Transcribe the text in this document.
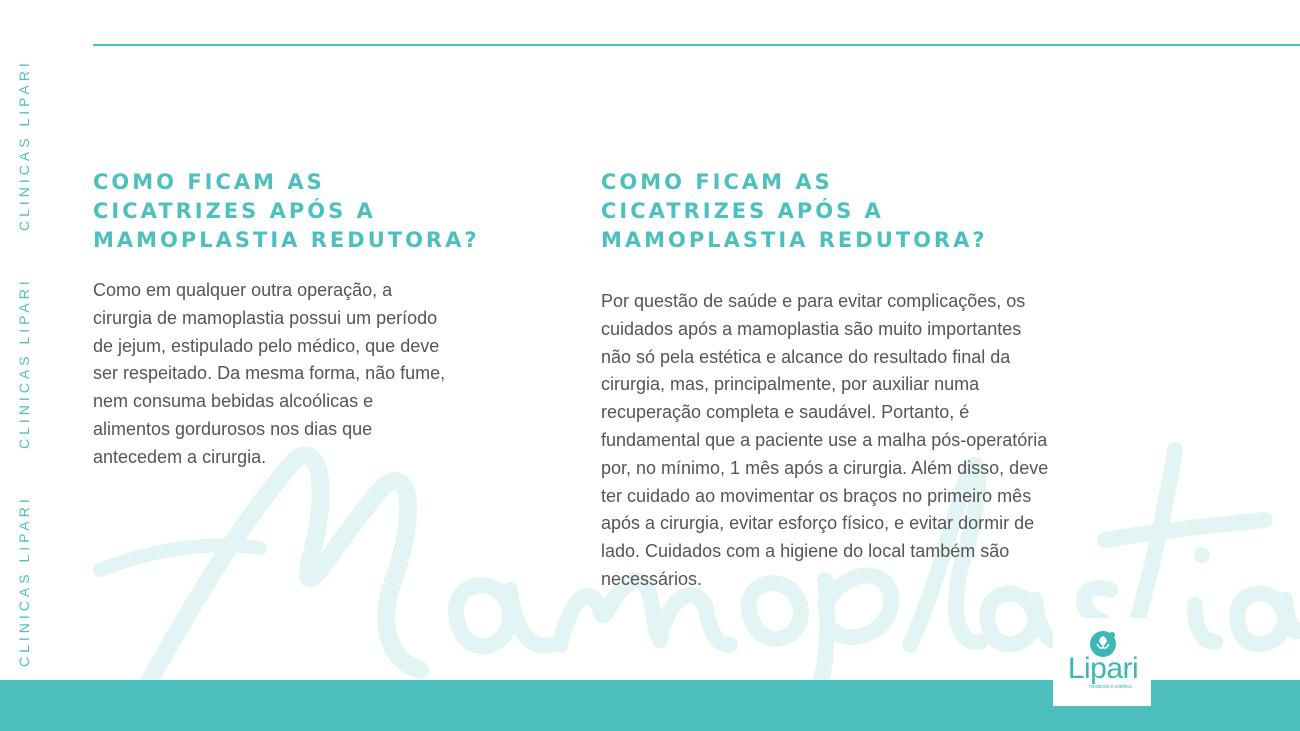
CLINICAS LIPARI
CLINICAS LIPARI
CLINICAS LIPARI
COMO FICAM AS
CICATRIZES APÓS A
MAMOPLASTIA REDUTORA?

Como em qualquer outra operação, a
cirurgia de mamoplastia possui um período
de jejum, estipulado pelo médico, que deve
ser respeitado. Da mesma forma, não fume,
nem consuma bebidas alcoólicas e
alimentos gordurosos nos dias que
antecedem a cirurgia.

COMO FICAM AS
CICATRIZES APÓS A
MAMOPLASTIA REDUTORA?

Por questão de saúde e para evitar complicações, os
cuidados após a mamoplastia são muito importantes
não só pela estética e alcance do resultado final da
cirurgia, mas, principalmente, por auxiliar numa
recuperação completa e saudável. Portanto, é
fundamental que a paciente use a malha pós-operatória
por, no mínimo, 1 mês após a cirurgia. Além disso, deve
ter cuidado ao movimentar os braços no primeiro mês
após a cirurgia, evitar esforço físico, e evitar dormir de
lado. Cuidados com a higiene do local também são
necessários.

Lipari
medicina e estética
